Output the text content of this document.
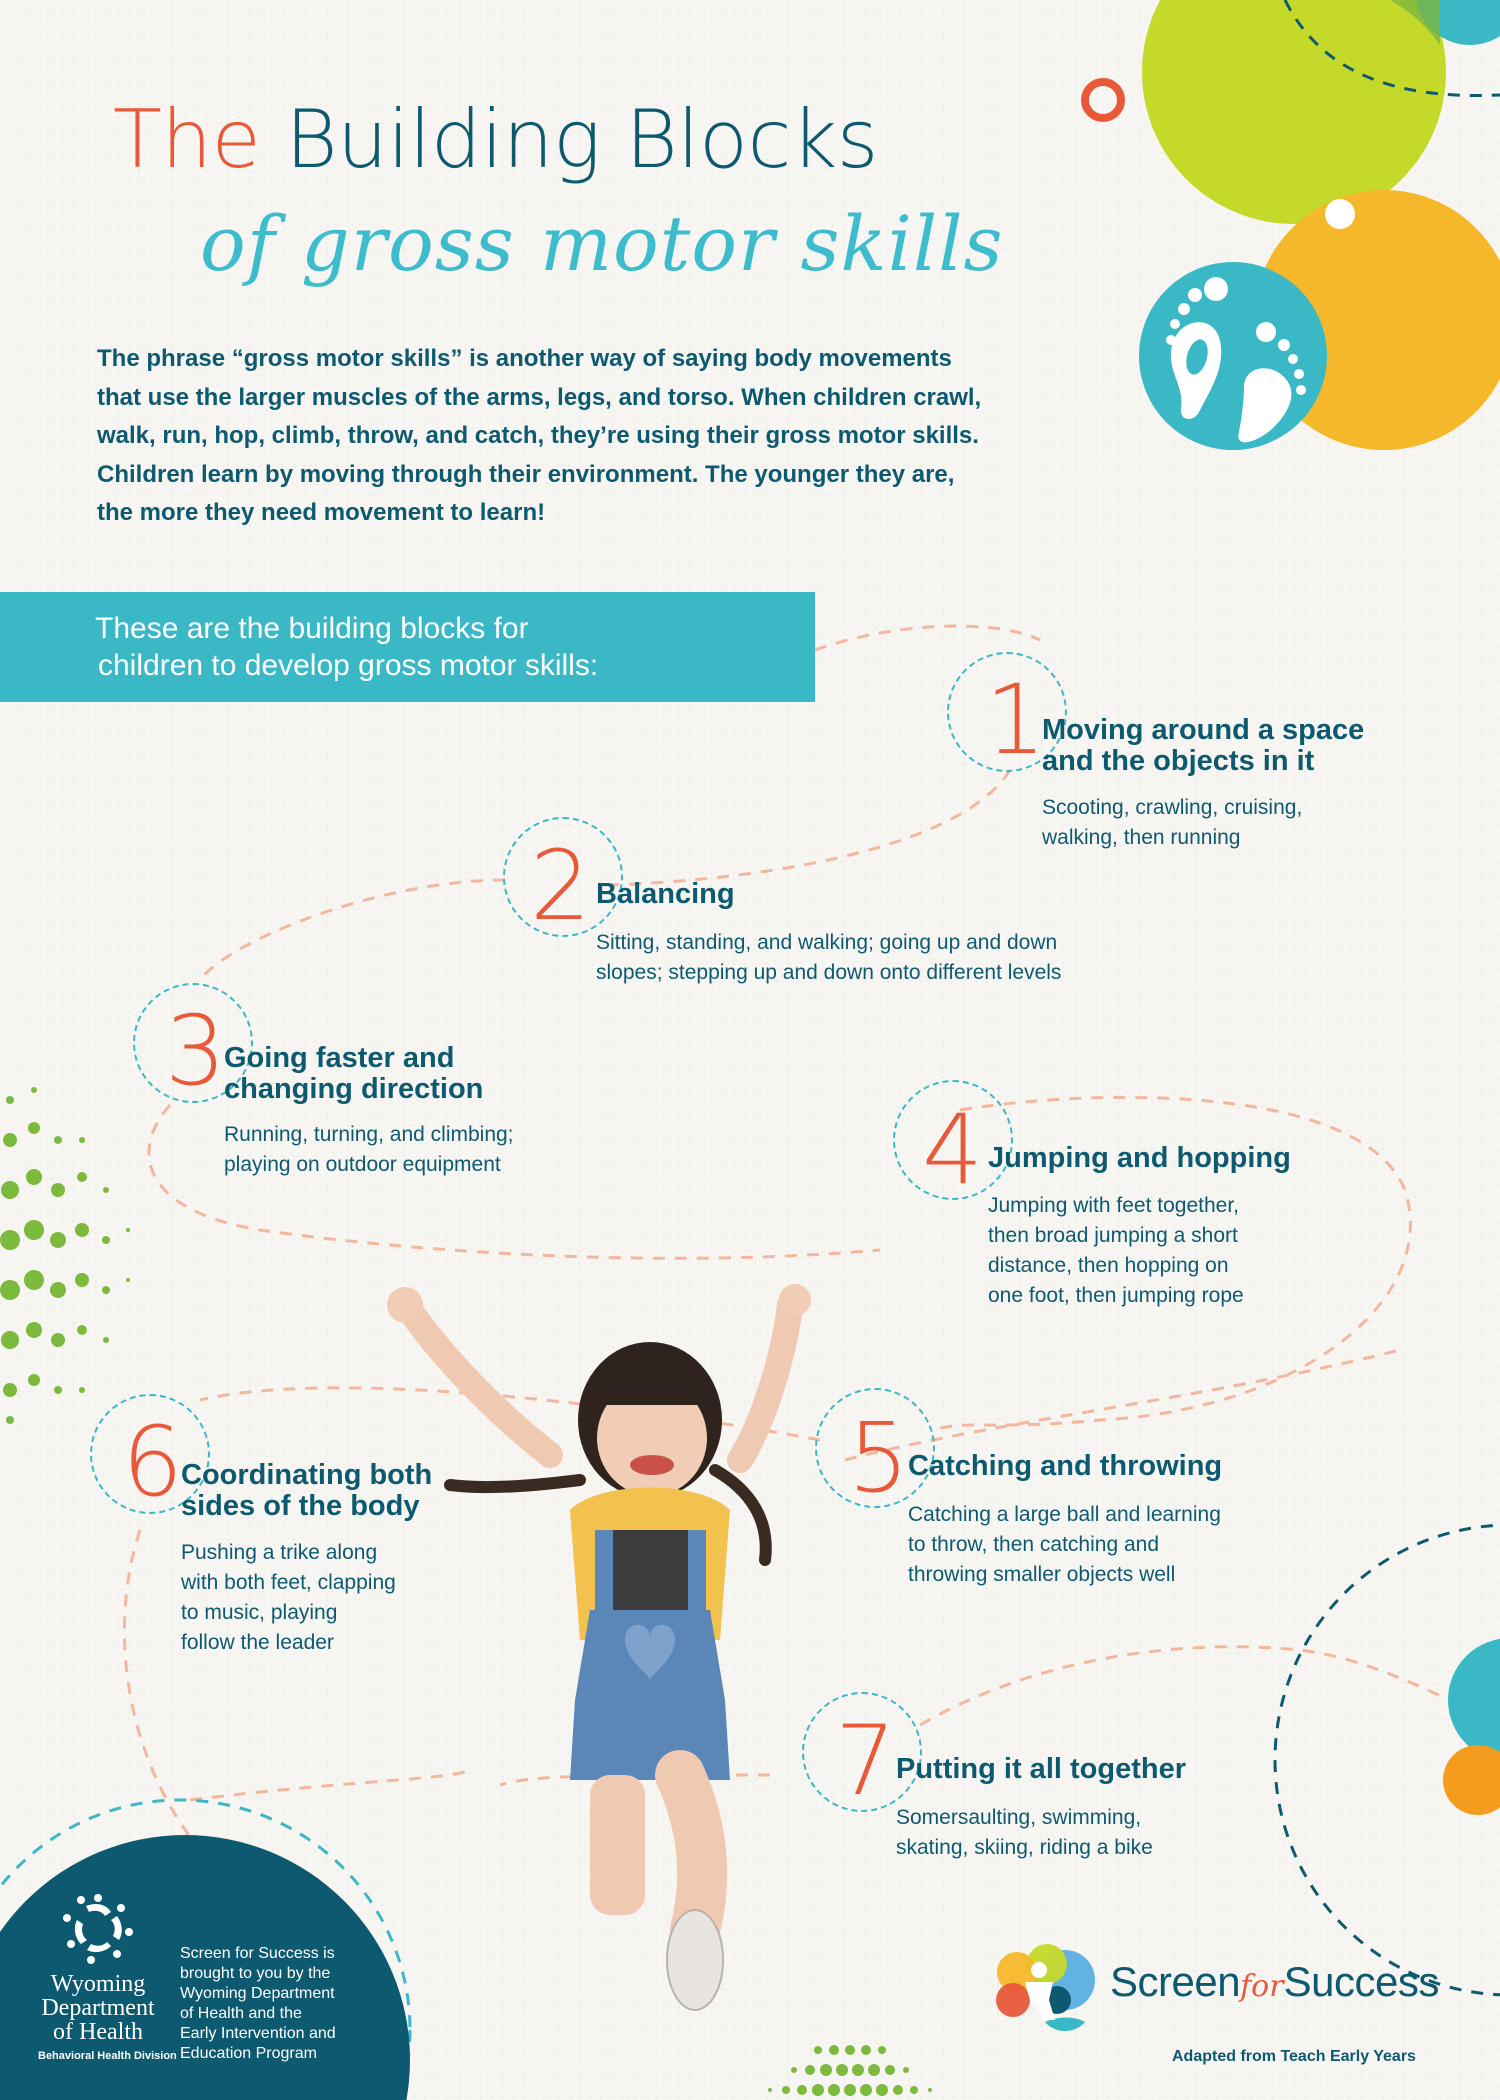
The Building Blocks
of gross motor skills
The phrase “gross motor skills” is another way of saying body movements
that use the larger muscles of the arms, legs, and torso. When children crawl,
walk, run, hop, climb, throw, and catch, they’re using their gross motor skills.
Children learn by moving through their environment. The younger they are,
the more they need movement to learn!
These are the building blocks for
children to develop gross motor skills:	1
Moving around a space
and the objects in it
Scooting, crawling, cruising,
walking, then running
2 Balancing
Sitting, standing, and walking; going up and down
slopes; stepping up and down onto different levels
3
Going faster and
changing direction
Running, turning, and climbing;
playing on outdoor equipment	4 Jumping and hopping
Jumping with feet together,
then broad jumping a short
distance, then hopping on
one foot, then jumping rope
5
Catching and throwing
Catching a large ball and learning
to throw, then catching and
throwing smaller objects well
6
Coordinating both
sides of the body
Pushing a trike along
with both feet, clapping
to music, playing
follow the leader
7 Putting it all together
Somersaulting, swimming,
skating, skiing, riding a bike
Wyoming
Department
of Health
Behavioral Health Division
Screen for Success is
brought to you by the
Wyoming Department
of Health and the
Early Intervention and
Education Program
ScreenforSuccess
Adapted from Teach Early Years
